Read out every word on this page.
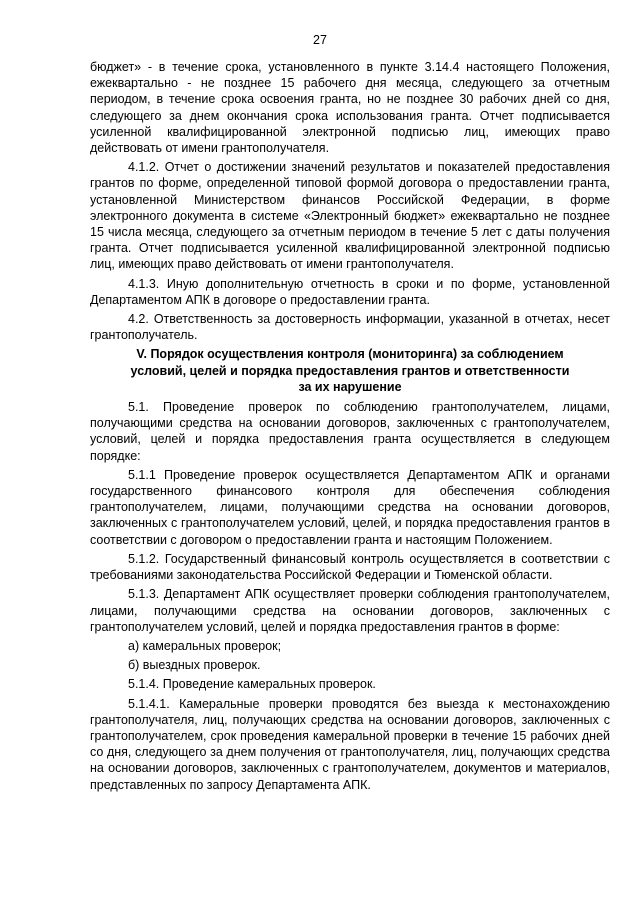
27

бюджет» - в течение срока, установленного в пункте 3.14.4 настоящего Положения, ежеквартально - не позднее 15 рабочего дня месяца, следующего за отчетным периодом, в течение срока освоения гранта, но не позднее 30 рабочих дней со дня, следующего за днем окончания срока использования гранта. Отчет подписывается усиленной квалифицированной электронной подписью лиц, имеющих право действовать от имени грантополучателя.

4.1.2. Отчет о достижении значений результатов и показателей предоставления грантов по форме, определенной типовой формой договора о предоставлении гранта, установленной Министерством финансов Российской Федерации, в форме электронного документа в системе «Электронный бюджет» ежеквартально не позднее 15 числа месяца, следующего за отчетным периодом в течение 5 лет с даты получения гранта. Отчет подписывается усиленной квалифицированной электронной подписью лиц, имеющих право действовать от имени грантополучателя.

4.1.3. Иную дополнительную отчетность в сроки и по форме, установленной Департаментом АПК в договоре о предоставлении гранта.

4.2. Ответственность за достоверность информации, указанной в отчетах, несет грантополучатель.

V. Порядок осуществления контроля (мониторинга) за соблюдением
условий, целей и порядка предоставления грантов и ответственности
за их нарушение

5.1. Проведение проверок по соблюдению грантополучателем, лицами, получающими средства на основании договоров, заключенных с грантополучателем, условий, целей и порядка предоставления гранта осуществляется в следующем порядке:

5.1.1 Проведение проверок осуществляется Департаментом АПК и органами государственного финансового контроля для обеспечения соблюдения грантополучателем, лицами, получающими средства на основании договоров, заключенных с грантополучателем условий, целей, и порядка предоставления грантов в соответствии с договором о предоставлении гранта и настоящим Положением.

5.1.2. Государственный финансовый контроль осуществляется в соответствии с требованиями законодательства Российской Федерации и Тюменской области.

5.1.3. Департамент АПК осуществляет проверки соблюдения грантополучателем, лицами, получающими средства на основании договоров, заключенных с грантополучателем условий, целей и порядка предоставления грантов в форме:

а) камеральных проверок;

б) выездных проверок.

5.1.4. Проведение камеральных проверок.

5.1.4.1. Камеральные проверки проводятся без выезда к местонахождению грантополучателя, лиц, получающих средства на основании договоров, заключенных с грантополучателем, срок проведения камеральной проверки в течение 15 рабочих дней со дня, следующего за днем получения от грантополучателя, лиц, получающих средства на основании договоров, заключенных с грантополучателем, документов и материалов, представленных по запросу Департамента АПК.
